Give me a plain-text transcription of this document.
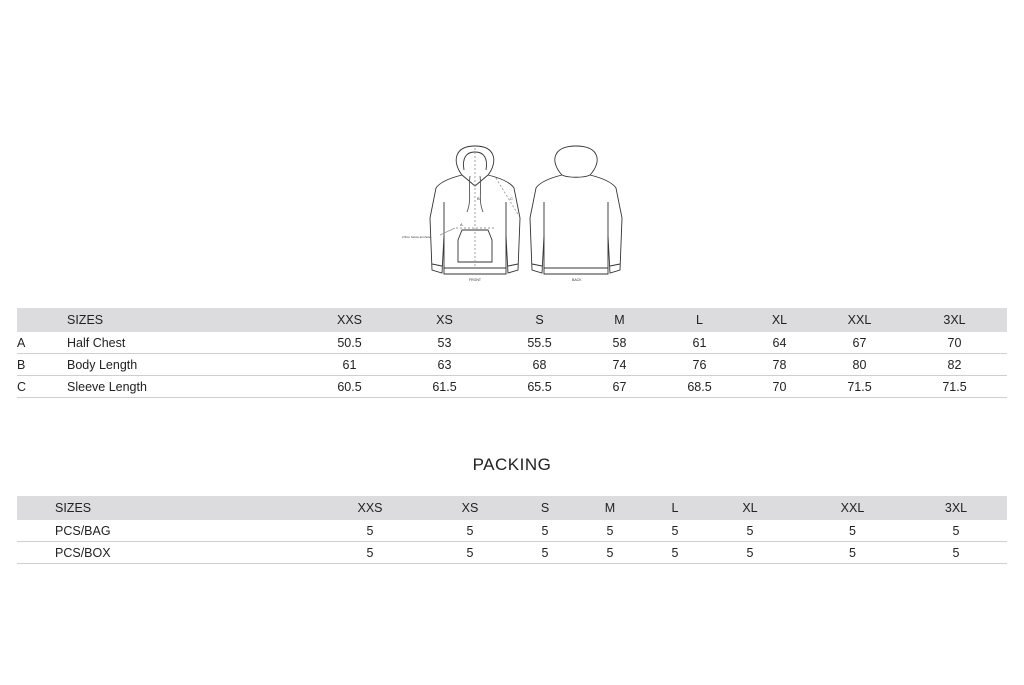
A
B	C
2.5cm below armhole
FRONT	BACK
	SIZES	XXS	XS	S	M	L	XL	XXL	3XL
A	Half Chest	50.5	53	55.5	58	61	64	67	70
B	Body Length	61	63	68	74	76	78	80	82
C	Sleeve Length	60.5	61.5	65.5	67	68.5	70	71.5	71.5
PACKING
	SIZES	XXS	XS	S	M	L	XL	XXL	3XL
	PCS/BAG	5	5	5	5	5	5	5	5
	PCS/BOX	5	5	5	5	5	5	5	5
